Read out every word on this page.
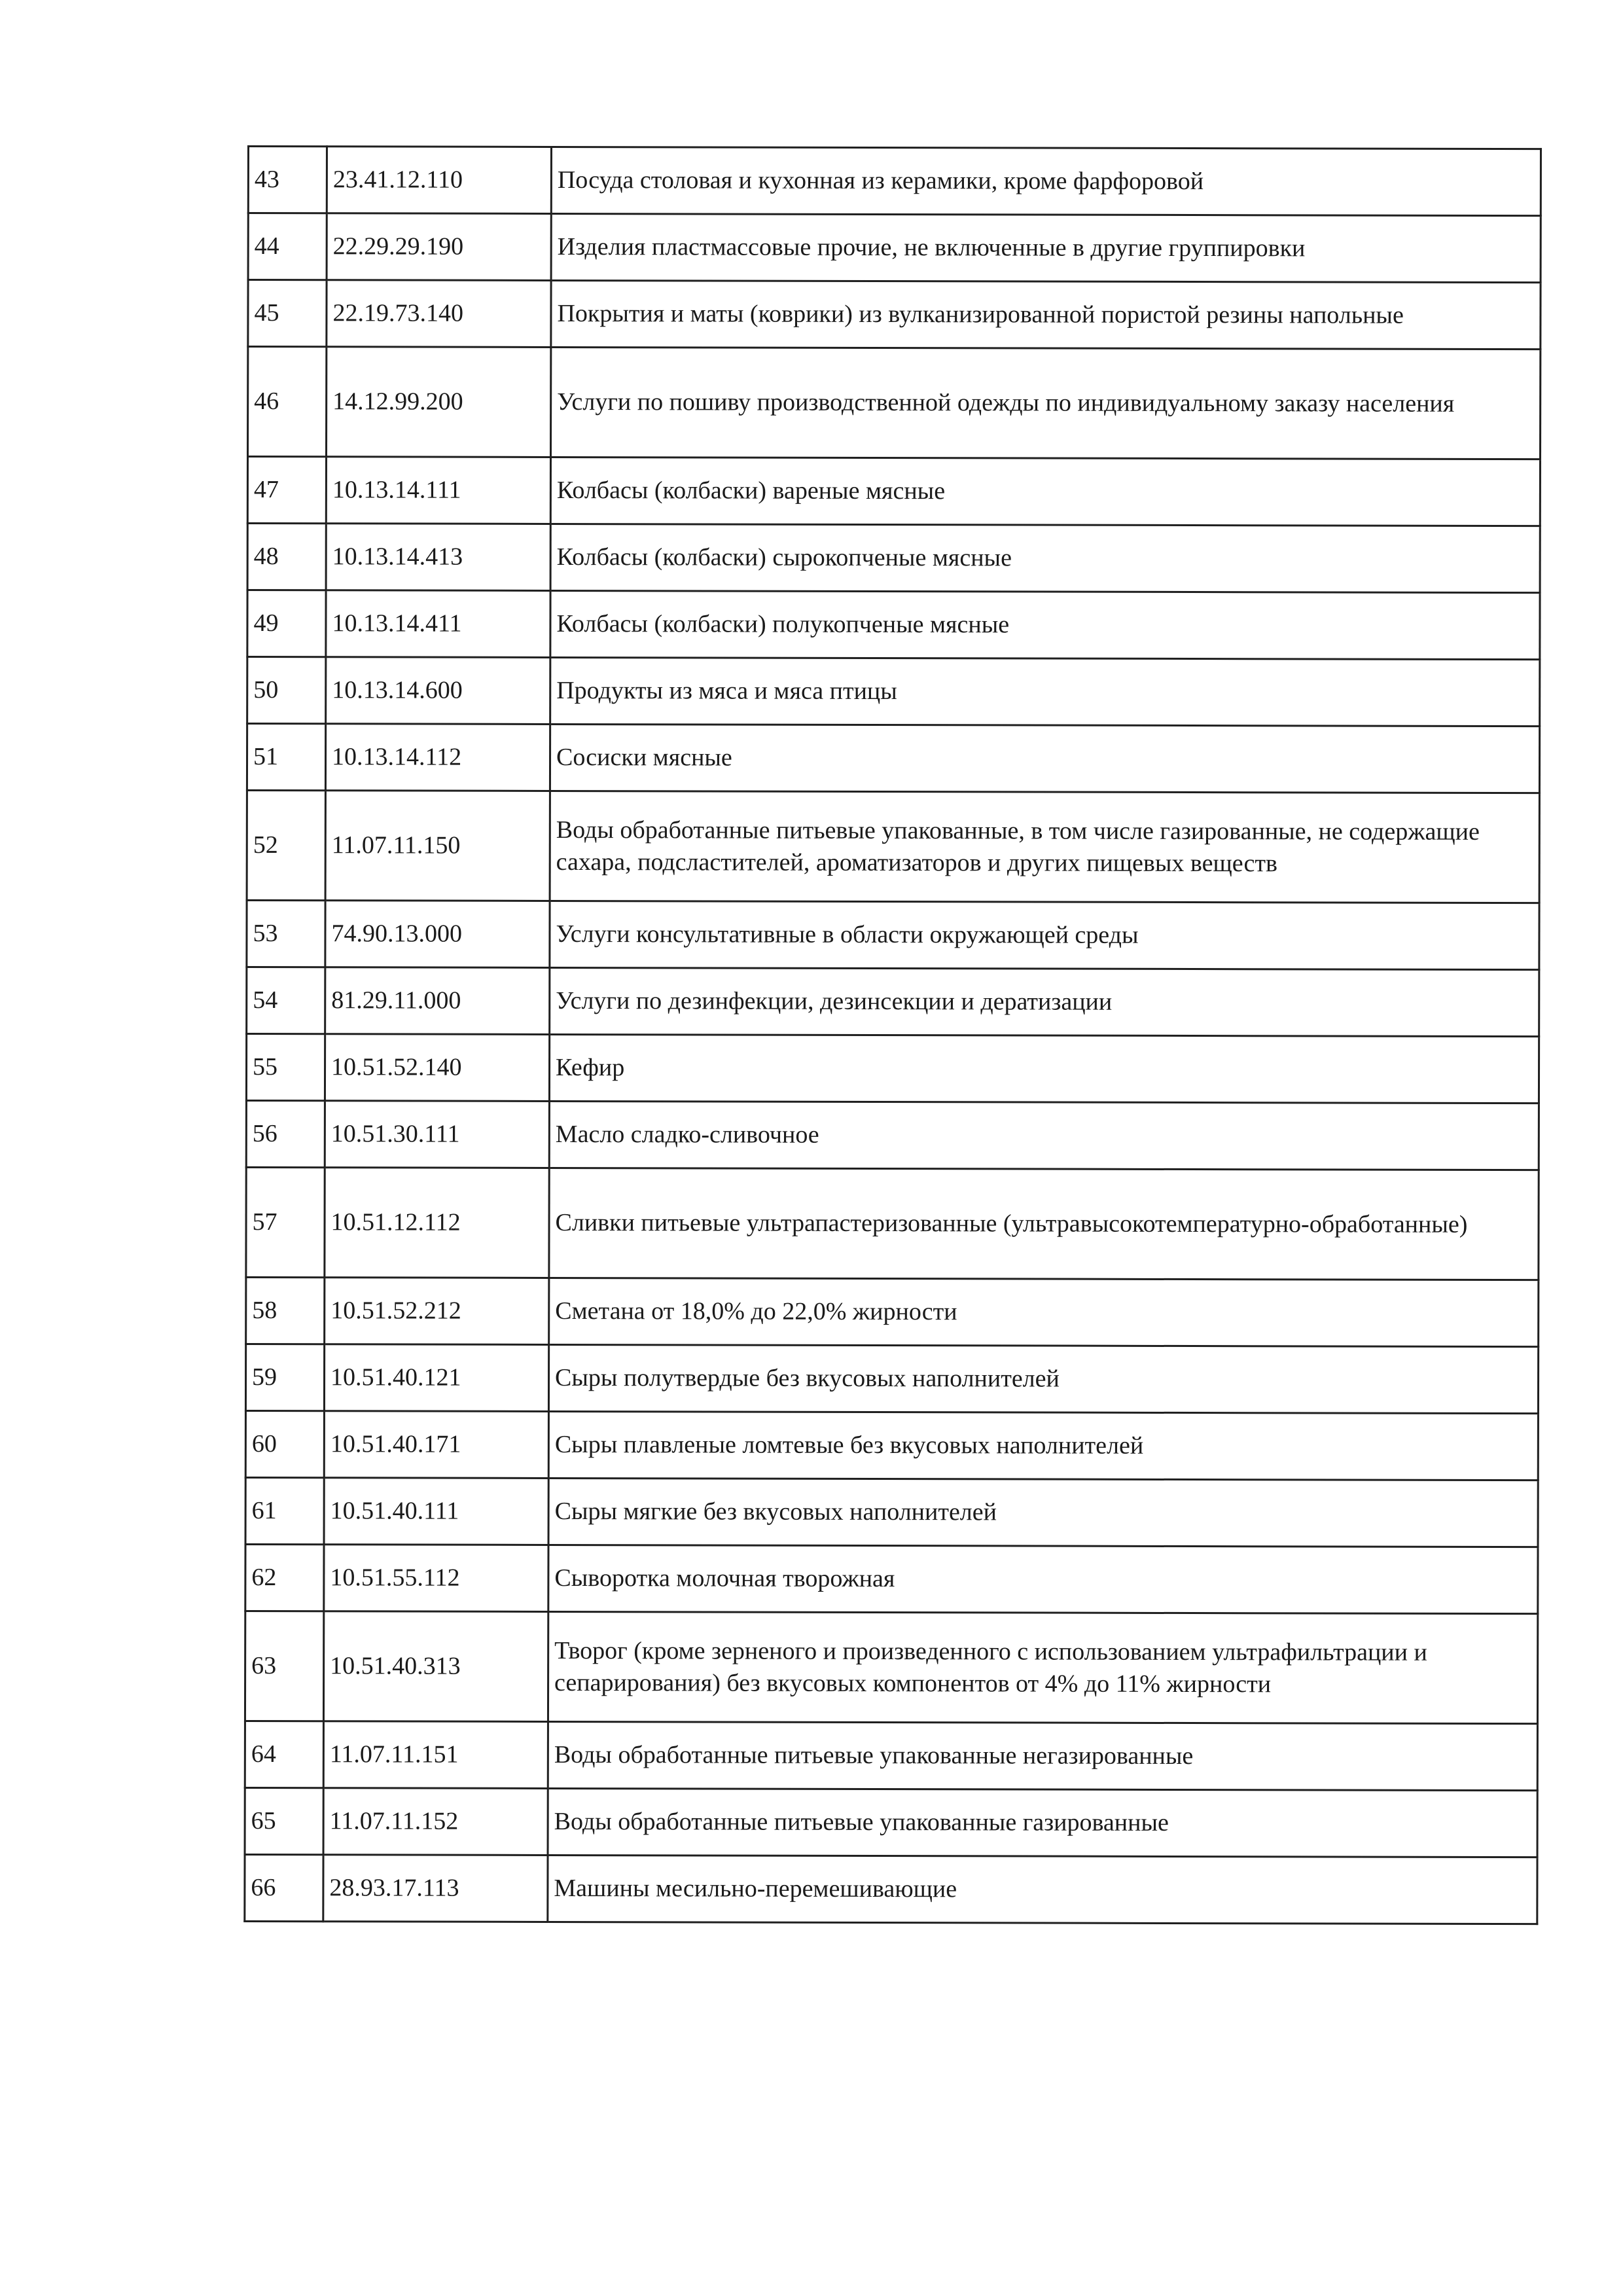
43	23.41.12.110	Посуда столовая и кухонная из керамики, кроме фарфоровой
44	22.29.29.190	Изделия пластмассовые прочие, не включенные в другие группировки
45	22.19.73.140	Покрытия и маты (коврики) из вулканизированной пористой резины напольные
46	14.12.99.200	Услуги по пошиву производственной одежды по индивидуальному заказу населения
47	10.13.14.111	Колбасы (колбаски) вареные мясные
48	10.13.14.413	Колбасы (колбаски) сырокопченые мясные
49	10.13.14.411	Колбасы (колбаски) полукопченые мясные
50	10.13.14.600	Продукты из мяса и мяса птицы
51	10.13.14.112	Сосиски мясные
52	11.07.11.150	Воды обработанные питьевые упакованные, в том числе газированные, не содержащие сахара, подсластителей, ароматизаторов и других пищевых веществ
53	74.90.13.000	Услуги консультативные в области окружающей среды
54	81.29.11.000	Услуги по дезинфекции, дезинсекции и дератизации
55	10.51.52.140	Кефир
56	10.51.30.111	Масло сладко-сливочное
57	10.51.12.112	Сливки питьевые ультрапастеризованные (ультравысокотемпературно-обработанные)
58	10.51.52.212	Сметана от 18,0% до 22,0% жирности
59	10.51.40.121	Сыры полутвердые без вкусовых наполнителей
60	10.51.40.171	Сыры плавленые ломтевые без вкусовых наполнителей
61	10.51.40.111	Сыры мягкие без вкусовых наполнителей
62	10.51.55.112	Сыворотка молочная творожная
63	10.51.40.313	Творог (кроме зерненого и произведенного с использованием ультрафильтрации и сепарирования) без вкусовых компонентов от 4% до 11% жирности
64	11.07.11.151	Воды обработанные питьевые упакованные негазированные
65	11.07.11.152	Воды обработанные питьевые упакованные газированные
66	28.93.17.113	Машины месильно-перемешивающие
